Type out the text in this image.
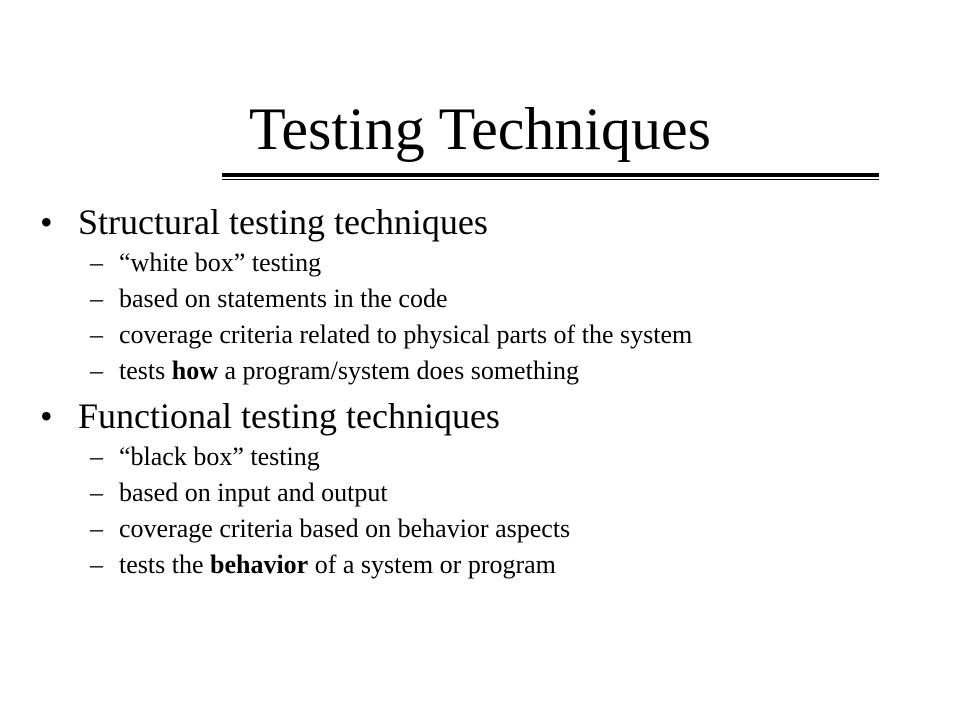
Testing Techniques
• Structural testing techniques
– “white box” testing
– based on statements in the code
– coverage criteria related to physical parts of the system
– tests how a program/system does something
• Functional testing techniques
– “black box” testing
– based on input and output
– coverage criteria based on behavior aspects
– tests the behavior of a system or program
